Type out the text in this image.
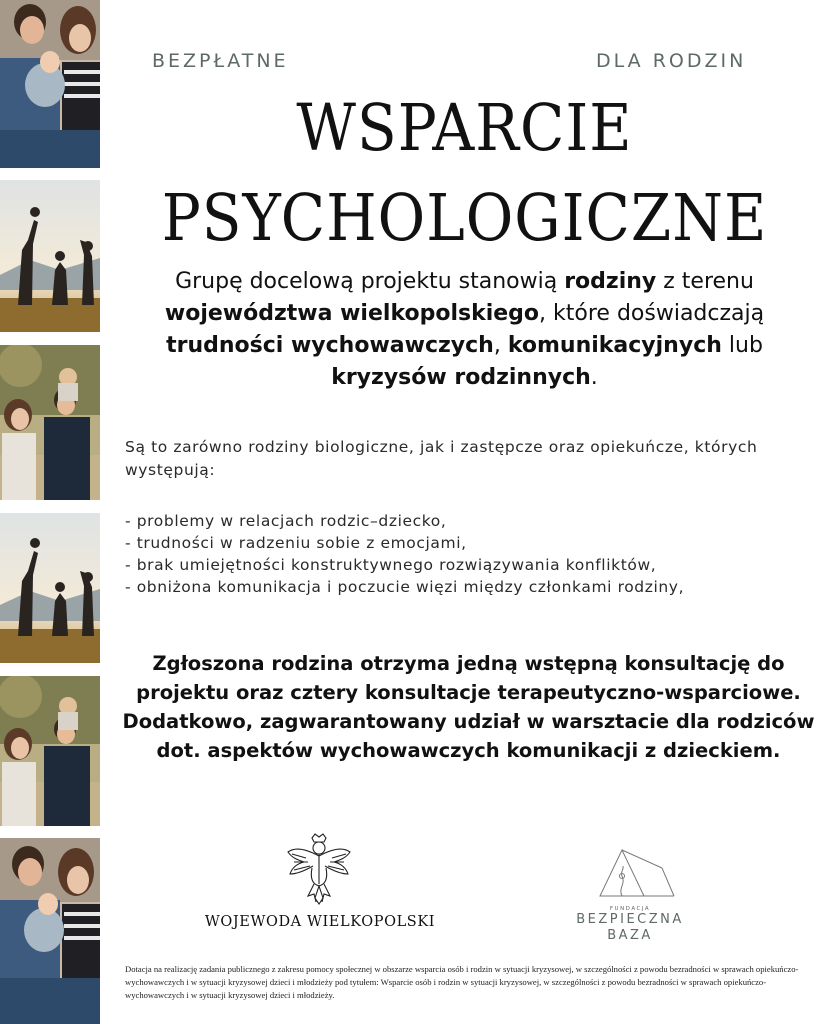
BEZPŁATNE	DLA RODZIN
WSPARCIE
PSYCHOLOGICZNE
Grupę docelową projektu stanowią rodziny z terenu województwa wielkopolskiego, które doświadczają trudności wychowawczych, komunikacyjnych lub kryzysów rodzinnych.
Są to zarówno rodziny biologiczne, jak i zastępcze oraz opiekuńcze, których występują:
- problemy w relacjach rodzic–dziecko,
- trudności w radzeniu sobie z emocjami,
- brak umiejętności konstruktywnego rozwiązywania konfliktów,
- obniżona komunikacja i poczucie więzi między członkami rodziny,
Zgłoszona rodzina otrzyma jedną wstępną konsultację do projektu oraz cztery konsultacje terapeutyczno-wsparciowe. Dodatkowo, zagwarantowany udział w warsztacie dla rodziców dot. aspektów wychowawczych komunikacji z dzieckiem.
WOJEWODA WIELKOPOLSKI
FUNDACJA
BEZPIECZNA
BAZA
Dotacja na realizację zadania publicznego z zakresu pomocy społecznej w obszarze wsparcia osób i rodzin w sytuacji kryzysowej, w szczególności z powodu bezradności w sprawach opiekuńczo-wychowawczych i w sytuacji kryzysowej dzieci i młodzieży pod tytułem: Wsparcie osób i rodzin w sytuacji kryzysowej, w szczególności z powodu bezradności w sprawach opiekuńczo-wychowawczych i w sytuacji kryzysowej dzieci i młodzieży.
